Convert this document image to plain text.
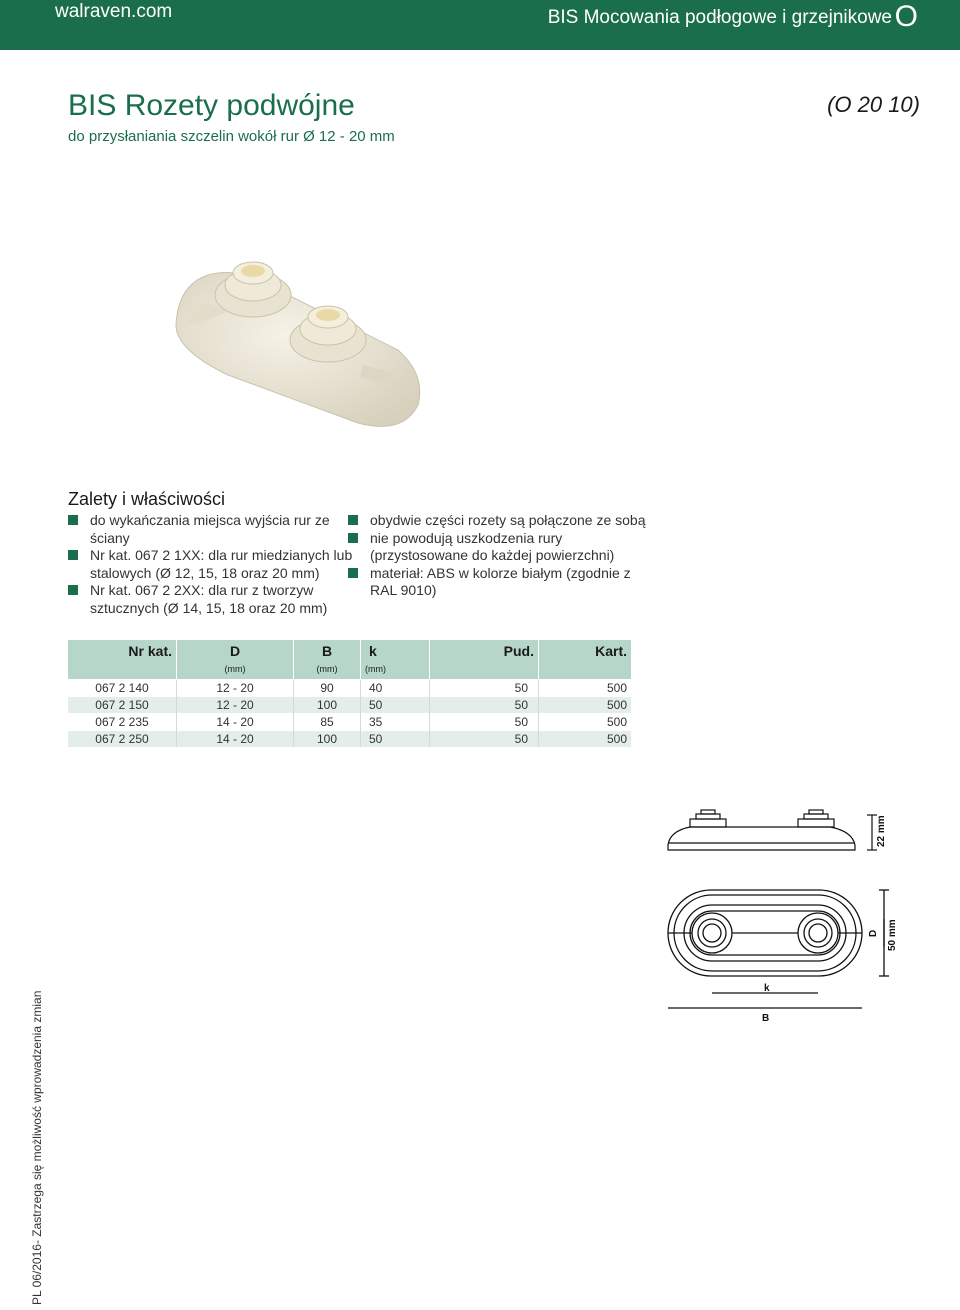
walraven.com	BIS Mocowania podłogowe i grzejnikowe O
BIS Rozety podwójne
do przysłaniania szczelin wokół rur Ø 12 - 20 mm
(O 20 10)
Zalety i właściwości
do wykańczania miejsca wyjścia rur ze ściany
Nr kat. 067 2 1XX: dla rur miedzianych lub stalowych (Ø 12, 15, 18 oraz 20 mm)
Nr kat. 067 2 2XX: dla rur z tworzyw sztucznych (Ø 14, 15, 18 oraz 20 mm)
obydwie części rozety są połączone ze sobą
nie powodują uszkodzenia rury (przystosowane do każdej powierzchni)
materiał: ABS w kolorze białym (zgodnie z RAL 9010)
Nr kat.	D	B	k	Pud.	Kart.
	(mm)	(mm)	(mm)		
067 2 140	12 - 20	90	40	50	500
067 2 150	12 - 20	100	50	50	500
067 2 235	14 - 20	85	35	50	500
067 2 250	14 - 20	100	50	50	500
22 mm
D 50 mm
k
B
PL 06/2016- Zastrzega się możliwość wprowadzenia zmian
